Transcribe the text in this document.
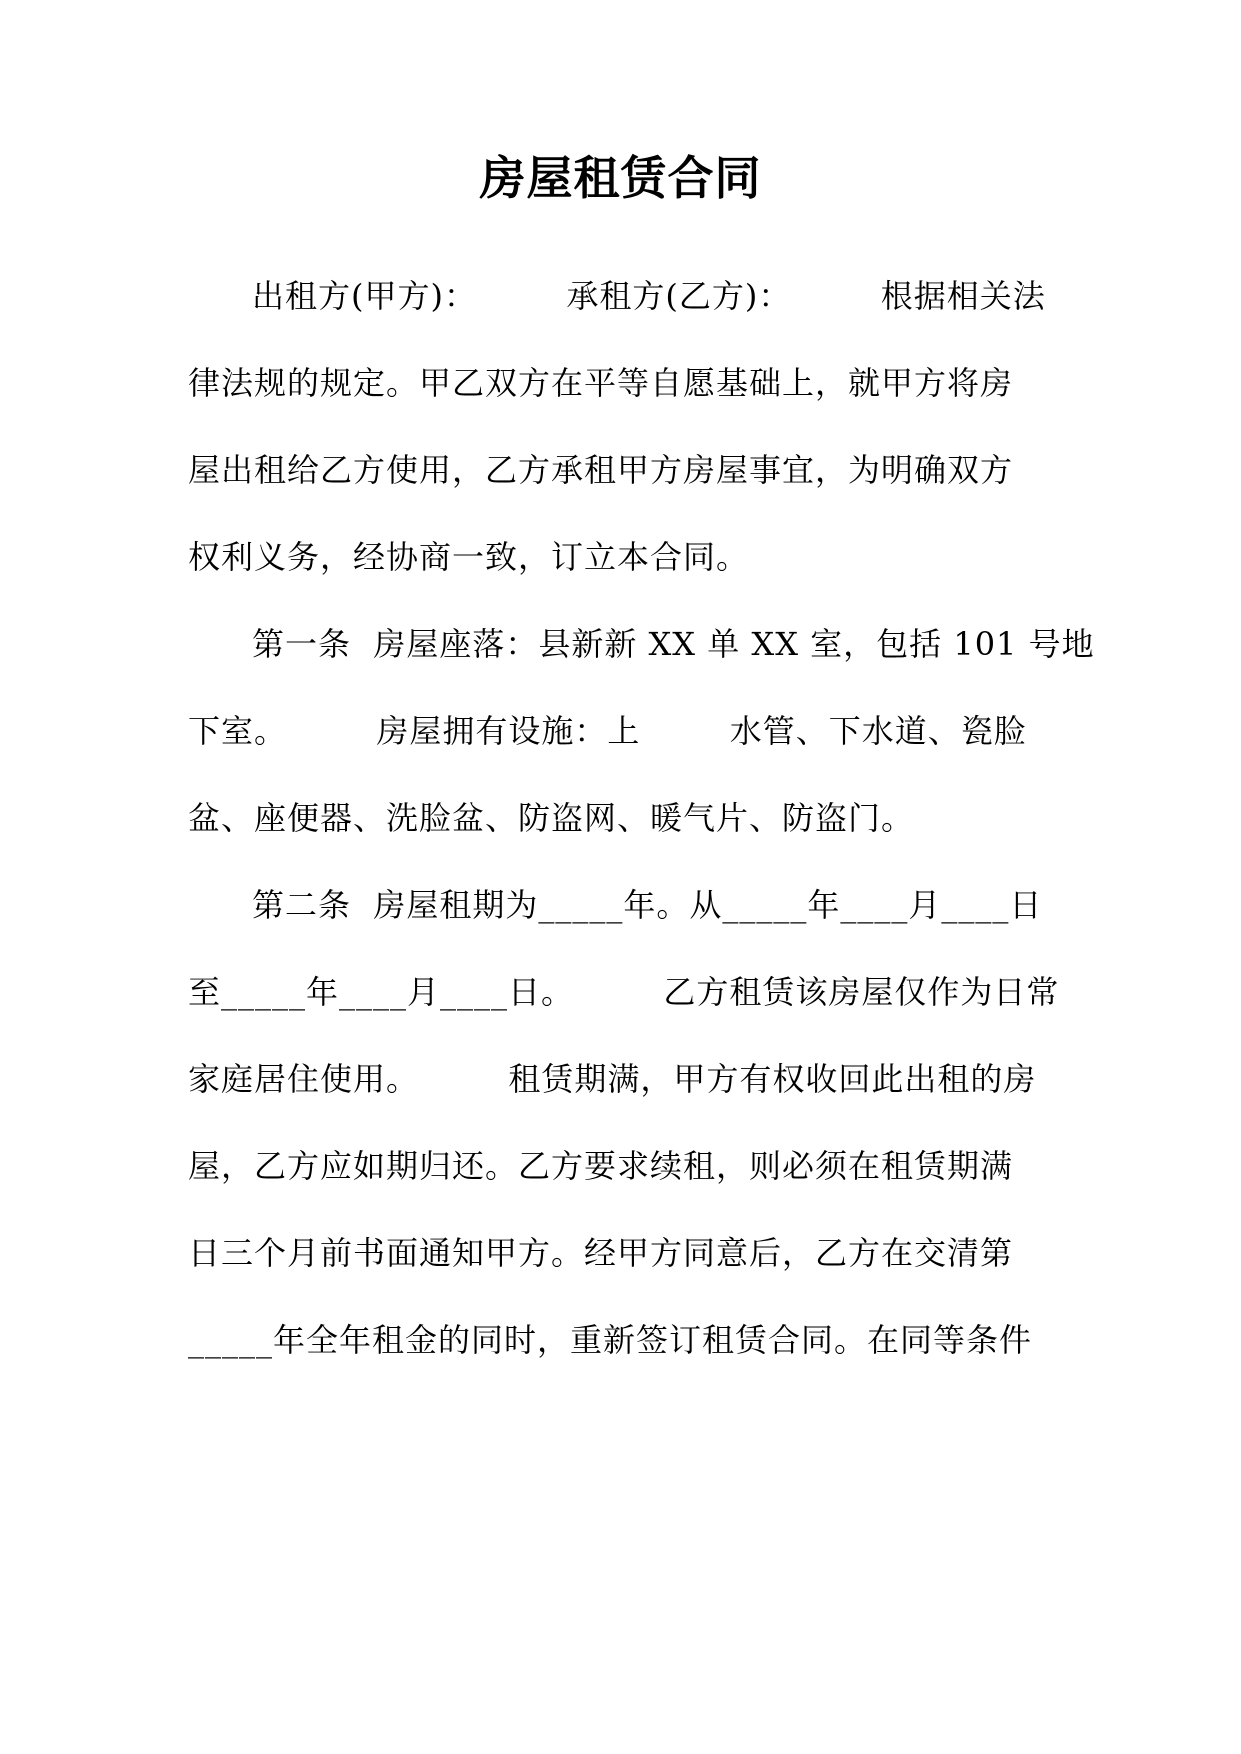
房屋租赁合同

出租方(甲方)：        承租方(乙方)：        根据相关法

律法规的规定。甲乙双方在平等自愿基础上，就甲方将房

屋出租给乙方使用，乙方承租甲方房屋事宜，为明确双方

权利义务，经协商一致，订立本合同。

第一条  房屋座落：县新新 XX 单 XX 室，包括 101 号地

下室。        房屋拥有设施：上        水管、下水道、瓷脸

盆、座便器、洗脸盆、防盗网、暖气片、防盗门。

第二条  房屋租期为_____年。从_____年____月____日

至_____年____月____日。        乙方租赁该房屋仅作为日常

家庭居住使用。        租赁期满，甲方有权收回此出租的房

屋，乙方应如期归还。乙方要求续租，则必须在租赁期满

日三个月前书面通知甲方。经甲方同意后，乙方在交清第

_____年全年租金的同时，重新签订租赁合同。在同等条件
